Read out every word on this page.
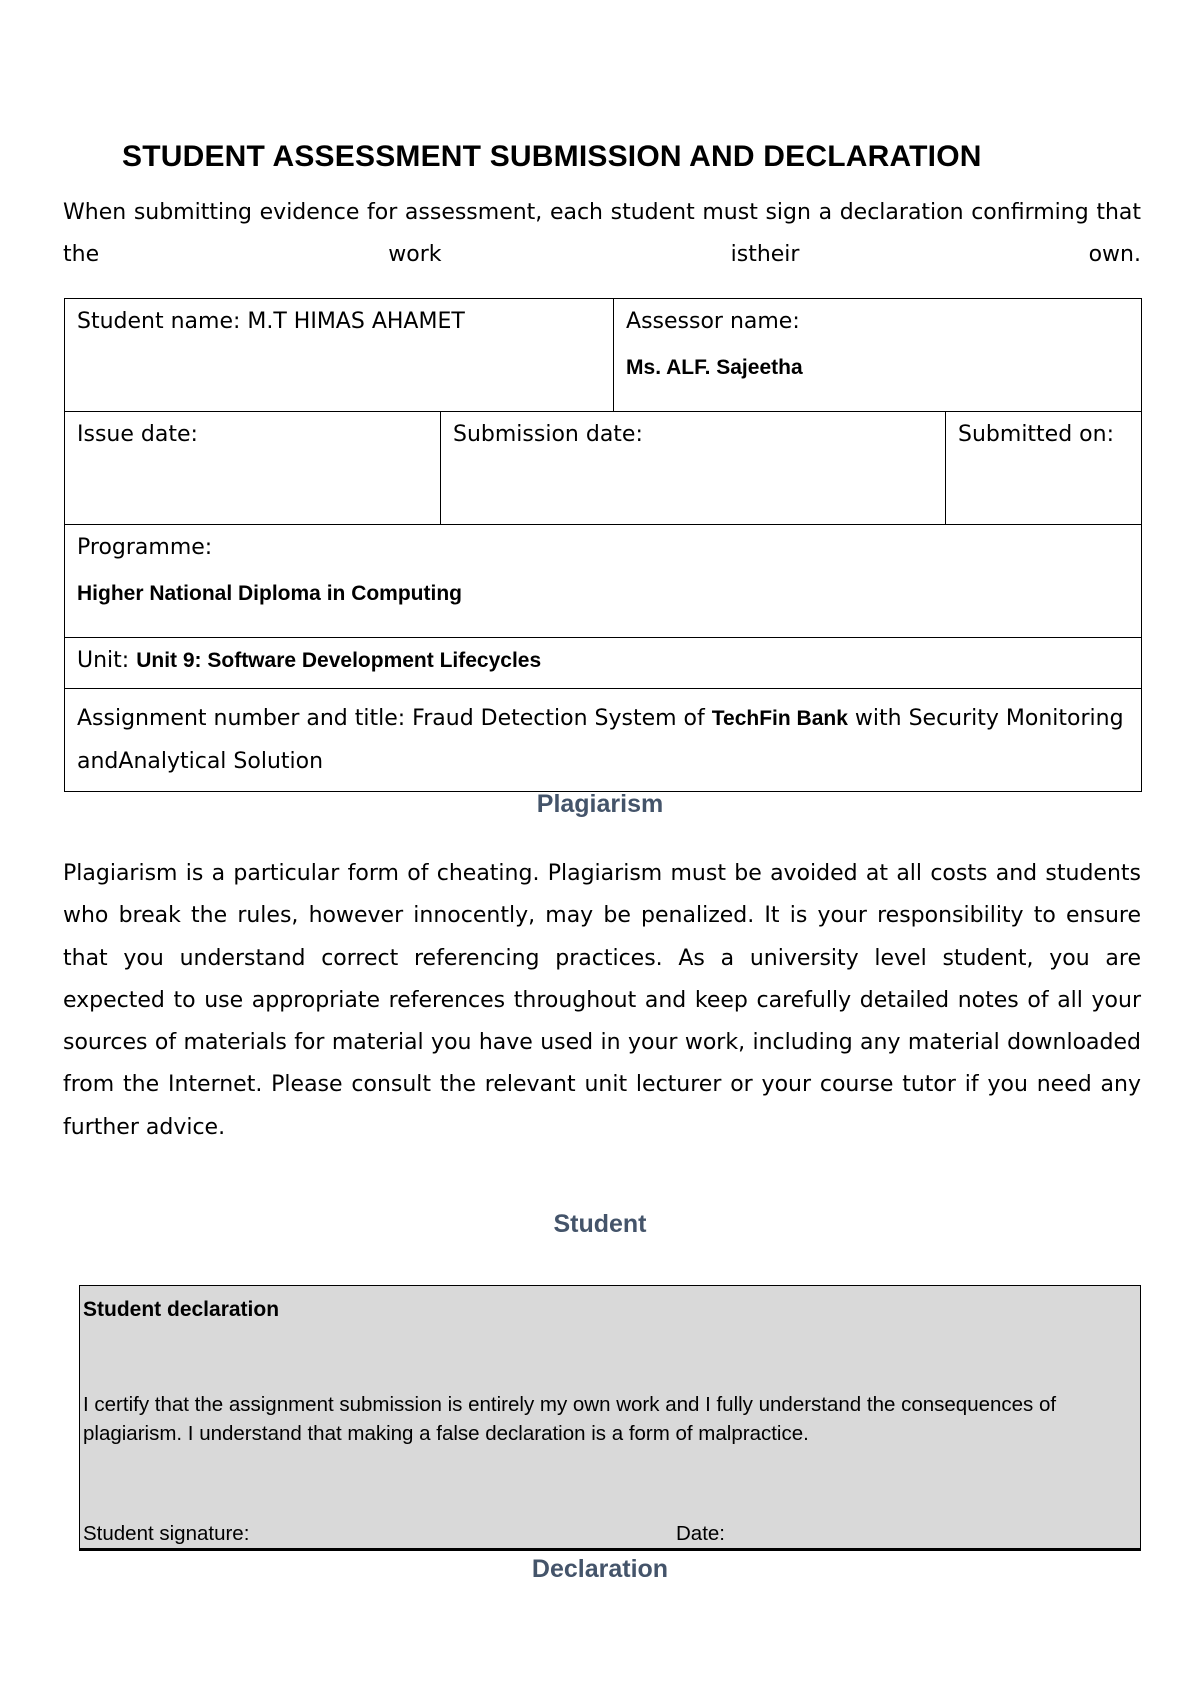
STUDENT ASSESSMENT SUBMISSION AND DECLARATION

When submitting evidence for assessment, each student must sign a declaration confirming that the work istheir own.

Student name: M.T HIMAS AHAMET		Assessor name:
Ms. ALF. Sajeetha	

Issue date:	Submission date:		Submitted on:
Programme:
Higher National Diploma in Computing			

Unit: Unit 9: Software Development Lifecycles			
Assignment number and title: Fraud Detection System of TechFin Bank with Security Monitoring andAnalytical Solution			
Plagiarism

Plagiarism is a particular form of cheating. Plagiarism must be avoided at all costs and students who break the rules, however innocently, may be penalized. It is your responsibility to ensure that you understand correct referencing practices. As a university level student, you are expected to use appropriate references throughout and keep carefully detailed notes of all your sources of materials for material you have used in your work, including any material downloaded from the Internet. Please consult the relevant unit lecturer or your course tutor if you need any further advice.

Student

Student declaration

I certify that the assignment submission is entirely my own work and I fully understand the consequences of plagiarism. I understand that making a false declaration is a form of malpractice.

Student signature:	Date:
Declaration
